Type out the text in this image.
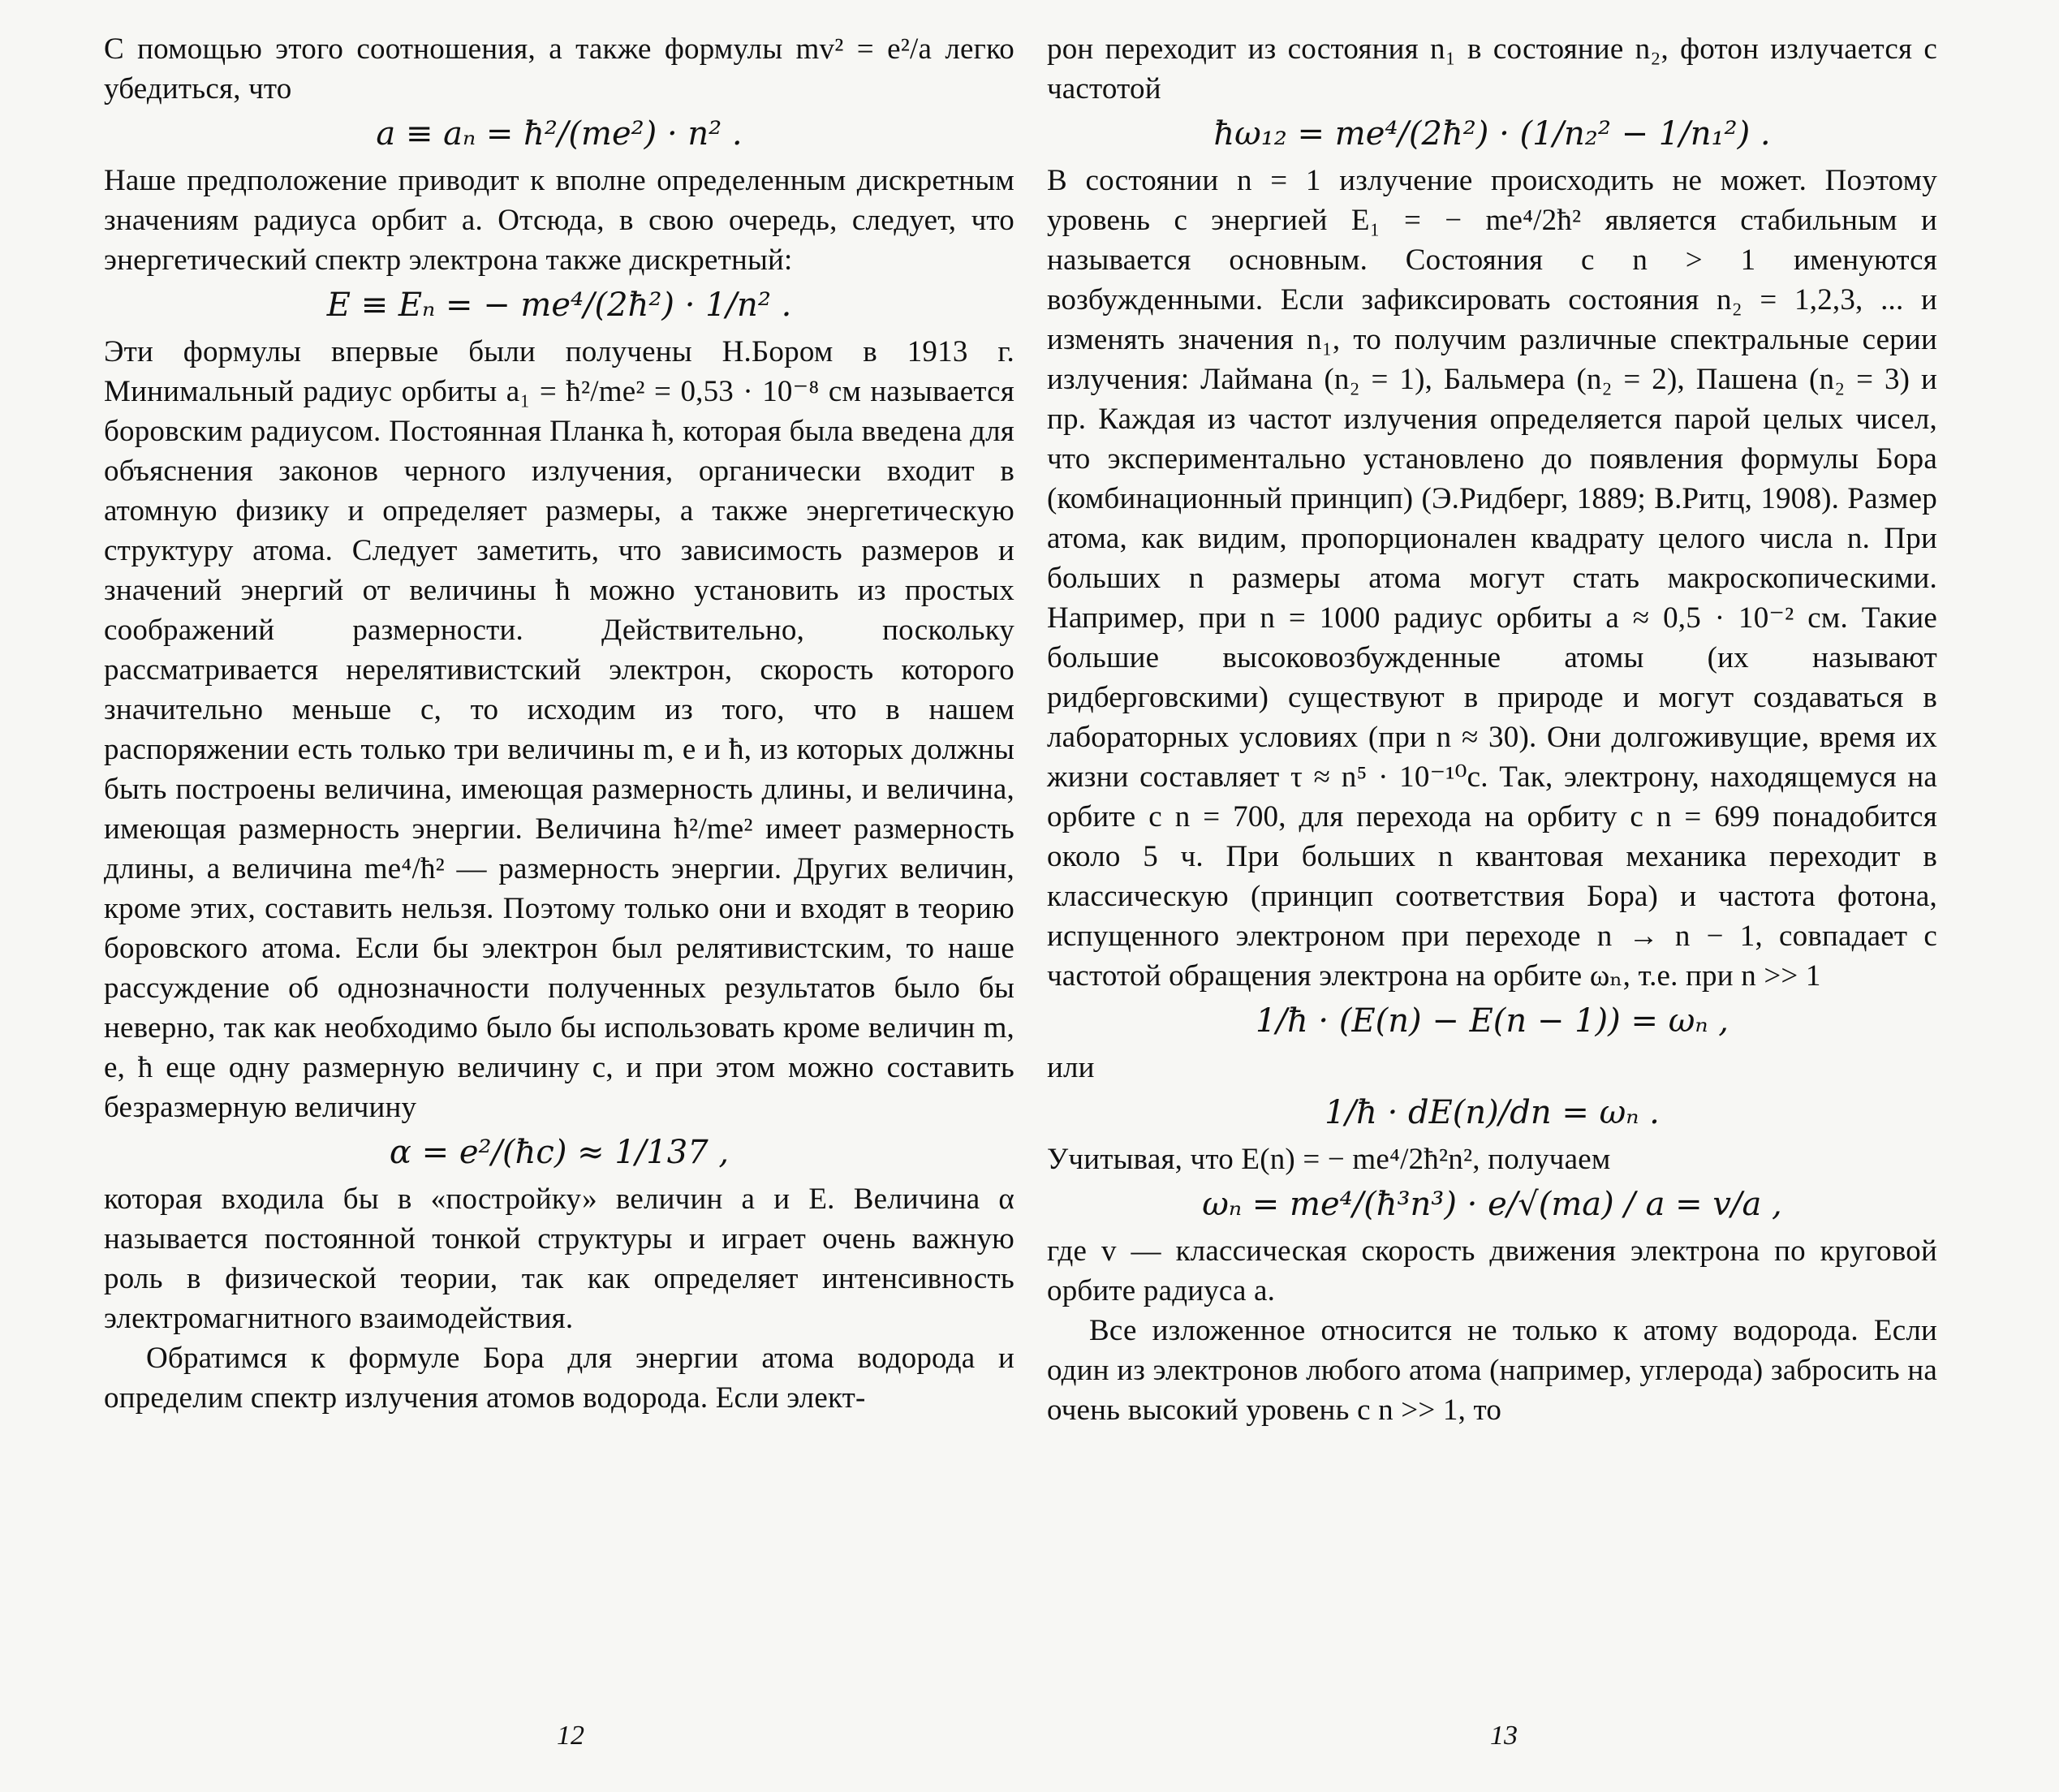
С помощью этого соотношения, а также формулы mv² = e²/a легко убедиться, что

a ≡ aₙ = ħ²/(me²) · n² .

Наше предположение приводит к вполне определенным дискретным значениям радиуса орбит a. Отсюда, в свою очередь, следует, что энергетический спектр электрона также дискретный:

E ≡ Eₙ = − me⁴/(2ħ²) · 1/n² .

Эти формулы впервые были получены Н.Бором в 1913 г. Минимальный радиус орбиты a₁ = ħ²/me² = 0,53 · 10⁻⁸ см называется боровским радиусом. Постоянная Планка ħ, которая была введена для объяснения законов черного излучения, органически входит в атомную физику и определяет размеры, а также энергетическую структуру атома. Следует заметить, что зависимость размеров и значений энергий от величины ħ можно установить из простых соображений размерности. Действительно, поскольку рассматривается нерелятивистский электрон, скорость которого значительно меньше c, то исходим из того, что в нашем распоряжении есть только три величины m, e и ħ, из которых должны быть построены величина, имеющая размерность длины, и величина, имеющая размерность энергии. Величина ħ²/me² имеет размерность длины, а величина me⁴/ħ² — размерность энергии. Других величин, кроме этих, составить нельзя. Поэтому только они и входят в теорию боровского атома. Если бы электрон был релятивистским, то наше рассуждение об однозначности полученных результатов было бы неверно, так как необходимо было бы использовать кроме величин m, e, ħ еще одну размерную величину c, и при этом можно составить безразмерную величину

α = e²/(ħc) ≈ 1/137 ,

которая входила бы в «постройку» величин a и E. Величина α называется постоянной тонкой структуры и играет очень важную роль в физической теории, так как определяет интенсивность электромагнитного взаимодействия.

Обратимся к формуле Бора для энергии атома водорода и определим спектр излучения атомов водорода. Если элект-

12

рон переходит из состояния n₁ в состояние n₂, фотон излучается с частотой

ħω₁₂ = me⁴/(2ħ²) · (1/n₂² − 1/n₁²) .

В состоянии n = 1 излучение происходить не может. Поэтому уровень с энергией E₁ = − me⁴/2ħ² является стабильным и называется основным. Состояния с n > 1 именуются возбужденными. Если зафиксировать состояния n₂ = 1,2,3, ... и изменять значения n₁, то получим различные спектральные серии излучения: Лаймана (n₂ = 1), Бальмера (n₂ = 2), Пашена (n₂ = 3) и пр. Каждая из частот излучения определяется парой целых чисел, что экспериментально установлено до появления формулы Бора (комбинационный принцип) (Э.Ридберг, 1889; В.Ритц, 1908). Размер атома, как видим, пропорционален квадрату целого числа n. При больших n размеры атома могут стать макроскопическими. Например, при n = 1000 радиус орбиты a ≈ 0,5 · 10⁻² см. Такие большие высоковозбужденные атомы (их называют ридберговскими) существуют в природе и могут создаваться в лабораторных условиях (при n ≈ 30). Они долгоживущие, время их жизни составляет τ ≈ n⁵ · 10⁻¹⁰с. Так, электрону, находящемуся на орбите с n = 700, для перехода на орбиту с n = 699 понадобится около 5 ч. При больших n квантовая механика переходит в классическую (принцип соответствия Бора) и частота фотона, испущенного электроном при переходе n → n − 1, совпадает с частотой обращения электрона на орбите ωₙ, т.е. при n >> 1

1/ħ · (E(n) − E(n − 1)) = ωₙ ,

или

1/ħ · dE(n)/dn = ωₙ .

Учитывая, что E(n) = − me⁴/2ħ²n², получаем

ωₙ = me⁴/(ħ³n³) · e/√(ma) / a = v/a ,

где v — классическая скорость движения электрона по круговой орбите радиуса a.

Все изложенное относится не только к атому водорода. Если один из электронов любого атома (например, углерода) забросить на очень высокий уровень с n >> 1, то

13
